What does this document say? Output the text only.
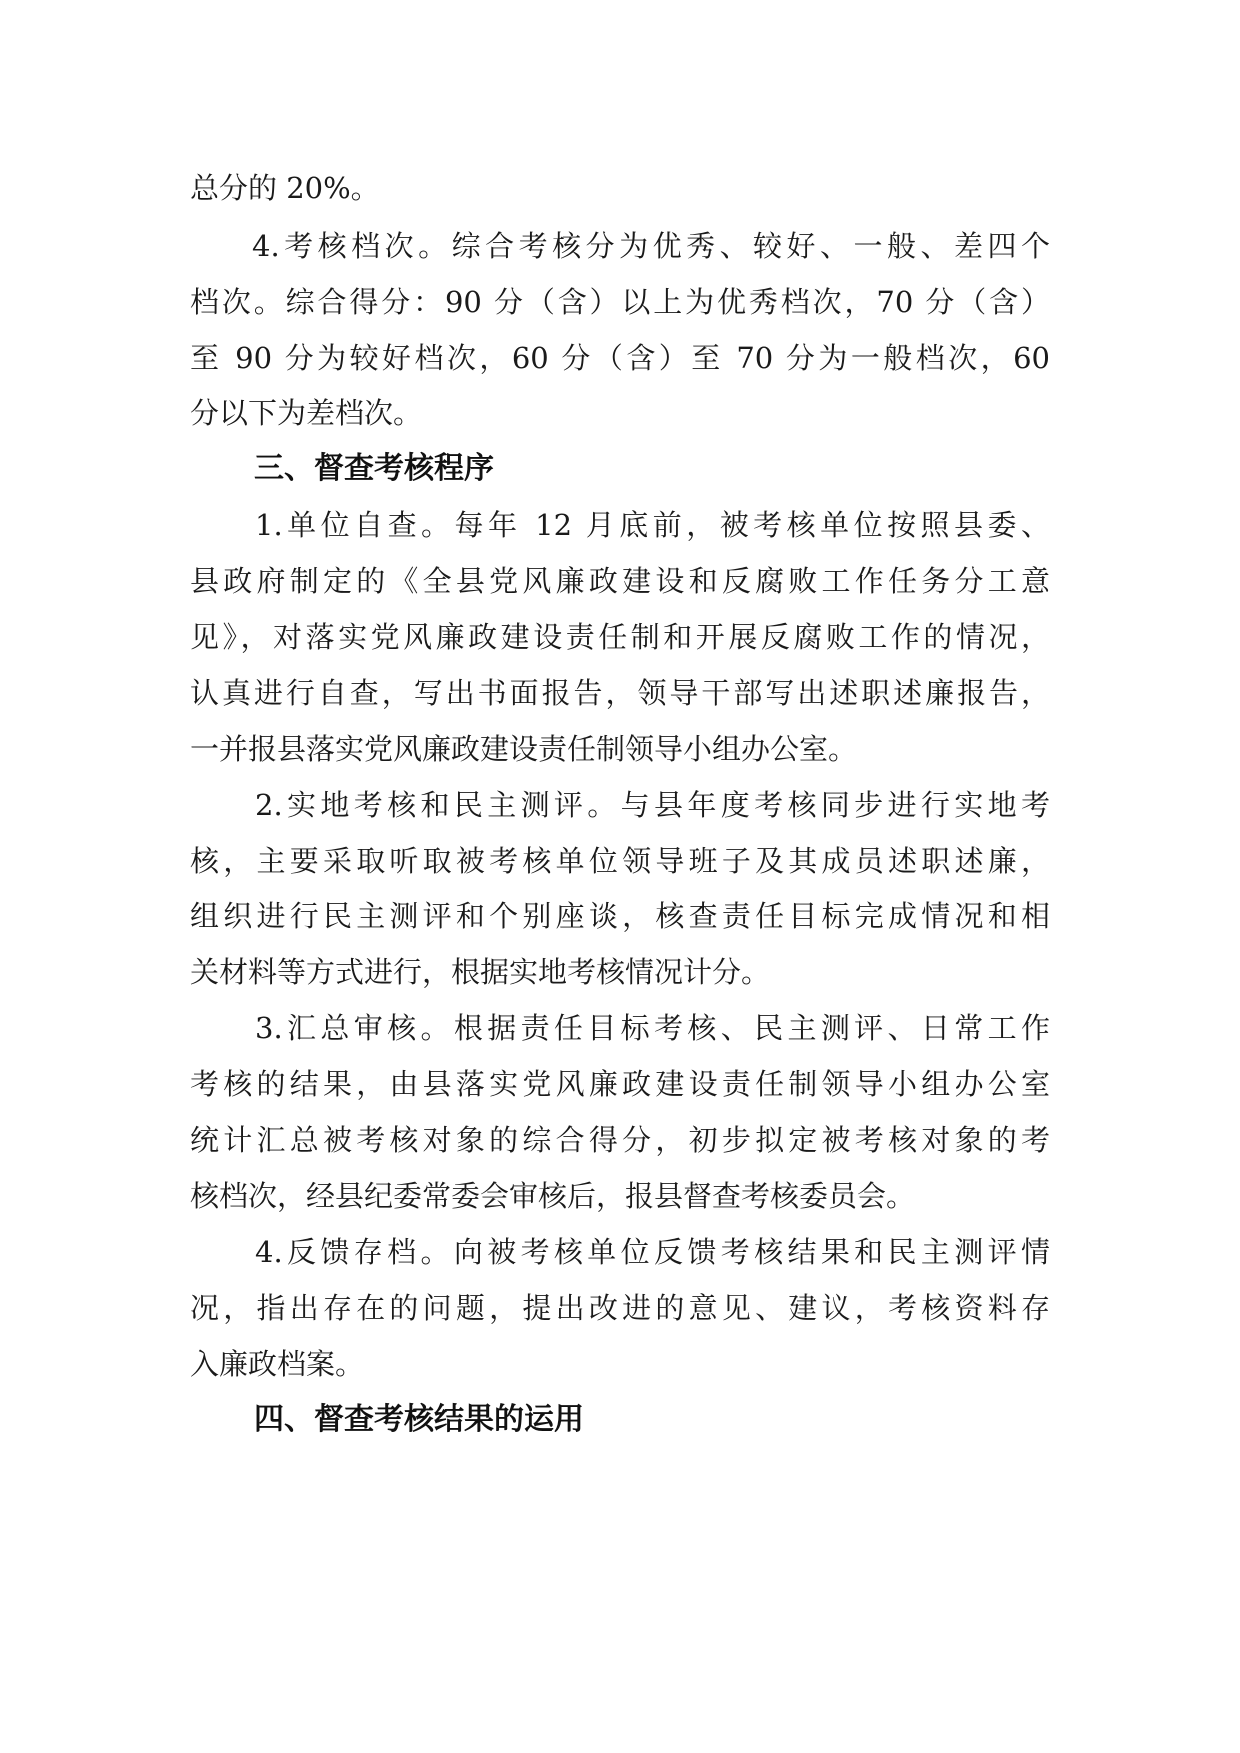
总分的 20%。
4.考核档次。综合考核分为优秀、较好、一般、差四个
档次。综合得分：90 分（含）以上为优秀档次，70 分（含）
至 90 分为较好档次，60 分（含）至 70 分为一般档次，60
分以下为差档次。
三、督查考核程序
1.单位自查。每年 12 月底前，被考核单位按照县委、
县政府制定的《全县党风廉政建设和反腐败工作任务分工意
见》，对落实党风廉政建设责任制和开展反腐败工作的情况，
认真进行自查，写出书面报告，领导干部写出述职述廉报告，
一并报县落实党风廉政建设责任制领导小组办公室。
2.实地考核和民主测评。与县年度考核同步进行实地考
核，主要采取听取被考核单位领导班子及其成员述职述廉，
组织进行民主测评和个别座谈，核查责任目标完成情况和相
关材料等方式进行，根据实地考核情况计分。
3.汇总审核。根据责任目标考核、民主测评、日常工作
考核的结果，由县落实党风廉政建设责任制领导小组办公室
统计汇总被考核对象的综合得分，初步拟定被考核对象的考
核档次，经县纪委常委会审核后，报县督查考核委员会。
4.反馈存档。向被考核单位反馈考核结果和民主测评情
况，指出存在的问题，提出改进的意见、建议，考核资料存
入廉政档案。
四、督查考核结果的运用
